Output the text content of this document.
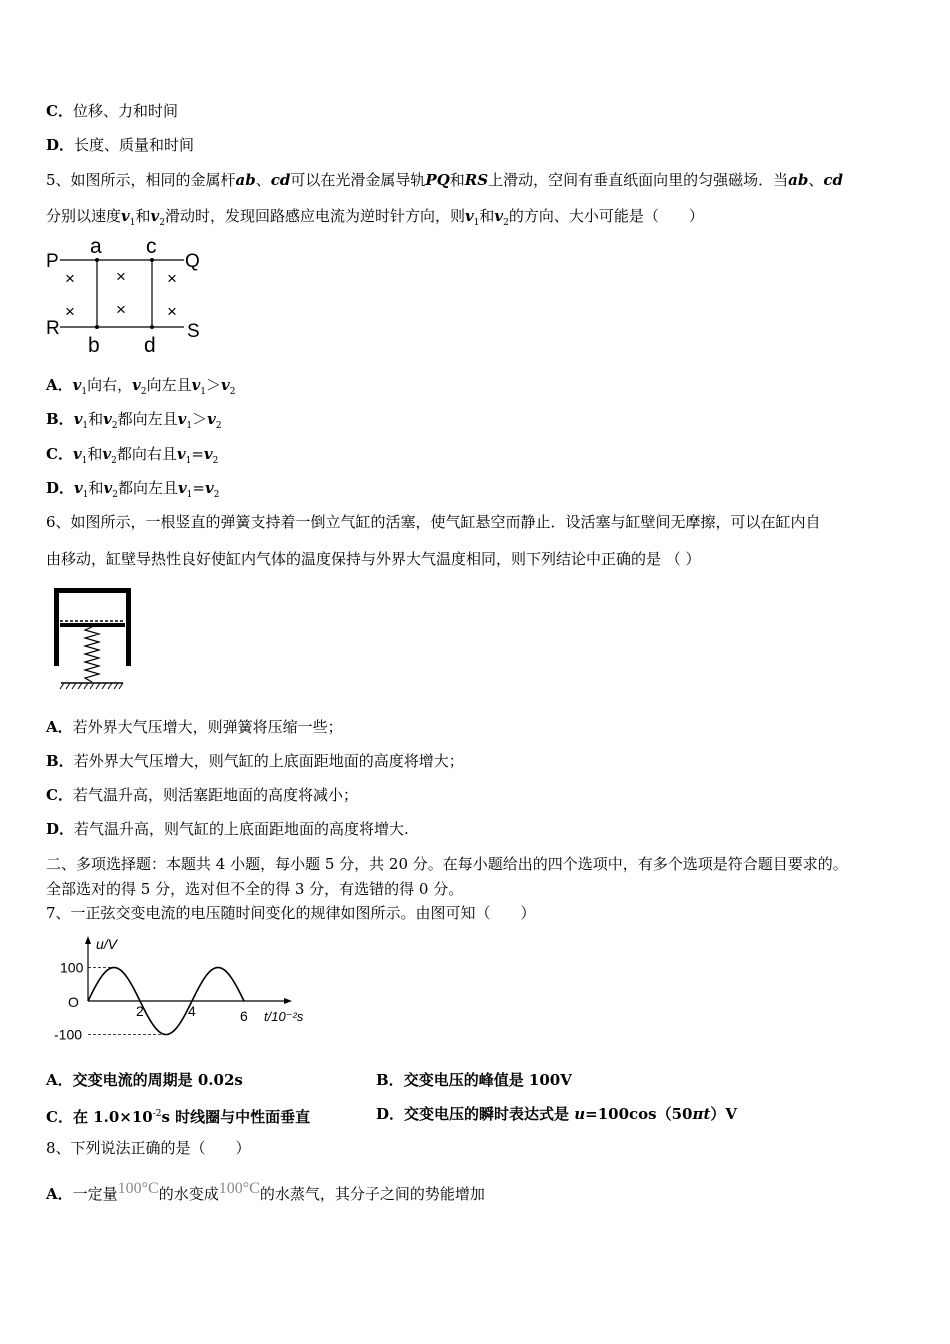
C．位移、力和时间
D．长度、质量和时间
5、如图所示，相同的金属杆ab、cd可以在光滑金属导轨PQ和RS上滑动，空间有垂直纸面向里的匀强磁场．当ab、cd
分别以速度$v_1$和$v_2$滑动时，发现回路感应电流为逆时针方向，则$v_1$和$v_2$的方向、大小可能是（　　）
P	Q
R	S
a c
b d
× × ×
× × ×
A．$v_1$向右，$v_2$向左且$v_1>v_2$
B．$v_1$和$v_2$都向左且$v_1>v_2$
C．$v_1$和$v_2$都向右且$v_1=v_2$
D．$v_1$和$v_2$都向左且$v_1=v_2$
6、如图所示，一根竖直的弹簧支持着一倒立气缸的活塞，使气缸悬空而静止．设活塞与缸壁间无摩擦，可以在缸内自
由移动，缸壁导热性良好使缸内气体的温度保持与外界大气温度相同，则下列结论中正确的是 （ ）
A．若外界大气压增大，则弹簧将压缩一些；
B．若外界大气压增大，则气缸的上底面距地面的高度将增大；
C．若气温升高，则活塞距地面的高度将减小；
D．若气温升高，则气缸的上底面距地面的高度将增大.
二、多项选择题：本题共 4 小题，每小题 5 分，共 20 分。在每小题给出的四个选项中，有多个选项是符合题目要求的。
全部选对的得 5 分，选对但不全的得 3 分，有选错的得 0 分。
7、一正弦交变电流的电压随时间变化的规律如图所示。由图可知（　　）
100
O
-100
2	4	6
u/V
t/10⁻²s
A．交变电流的周期是 0.02s	B．交变电压的峰值是 100V
C．在 $1.0\times 10^{-2}s$ 时线圈与中性面垂直	D．交变电压的瞬时表达式是 u=100cos（50πt）V
8、下列说法正确的是（　　）
A．一定量100°C的水变成100°C的水蒸气，其分子之间的势能增加
